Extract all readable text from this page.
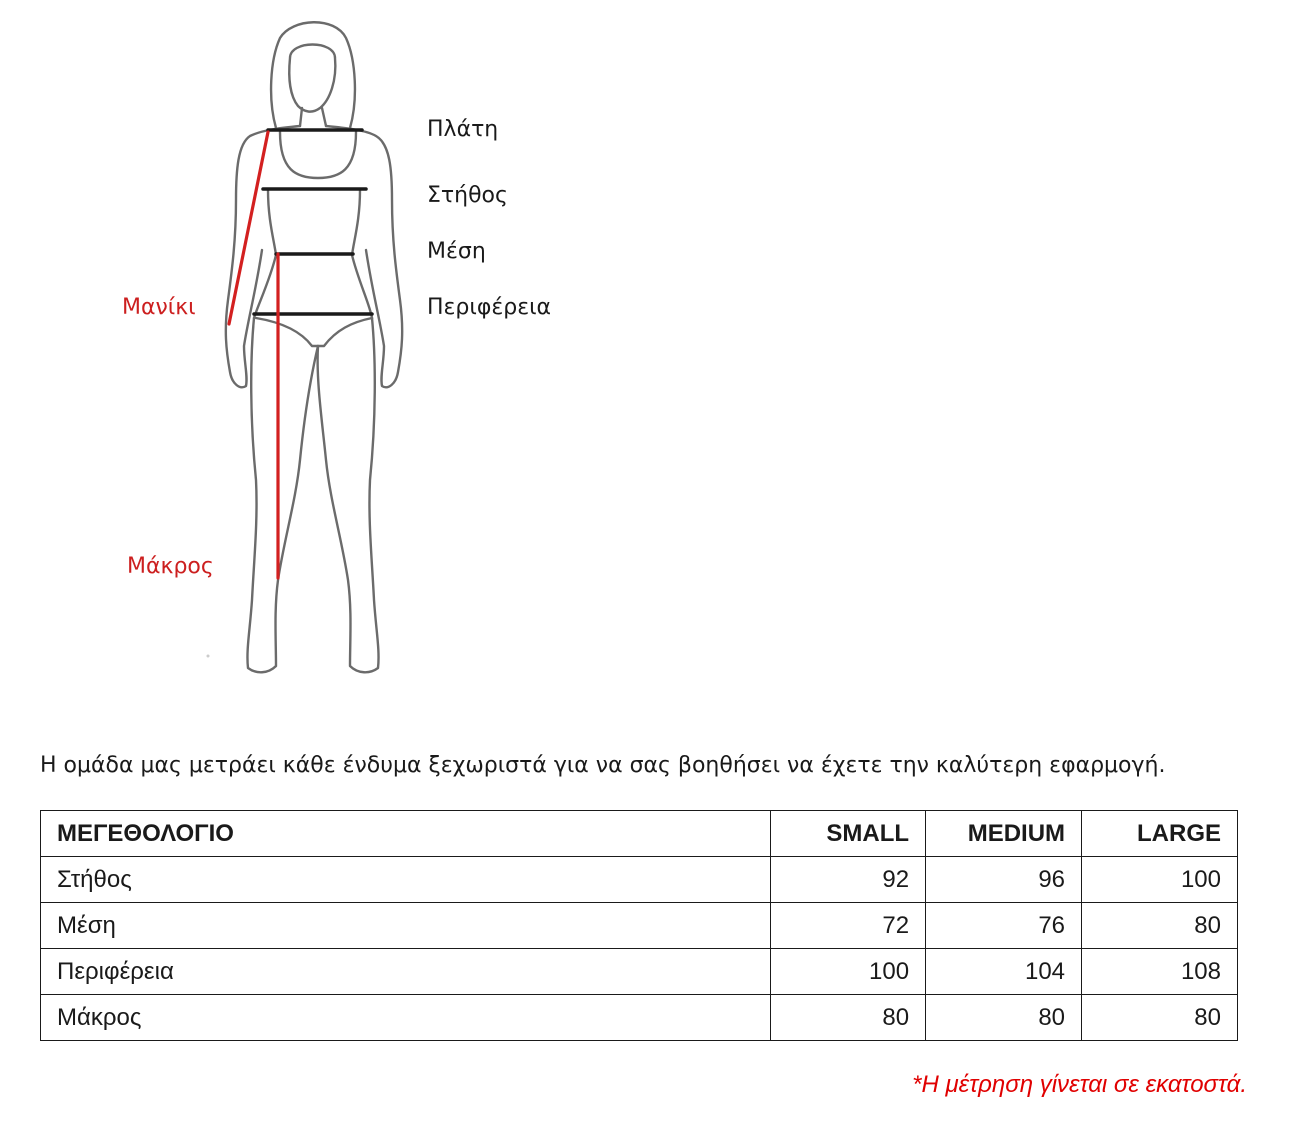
Πλάτη
Στήθος
Μέση
Περιφέρεια
Μανίκι
Μάκρος
Η ομάδα μας μετράει κάθε ένδυμα ξεχωριστά για να σας βοηθήσει να έχετε την καλύτερη εφαρμογή.
ΜΕΓΕΘΟΛΟΓΙΟ	SMALL	MEDIUM	LARGE
Στήθος	92	96	100
Μέση	72	76	80
Περιφέρεια	100	104	108
Μάκρος	80	80	80
*Η μέτρηση γίνεται σε εκατοστά.
